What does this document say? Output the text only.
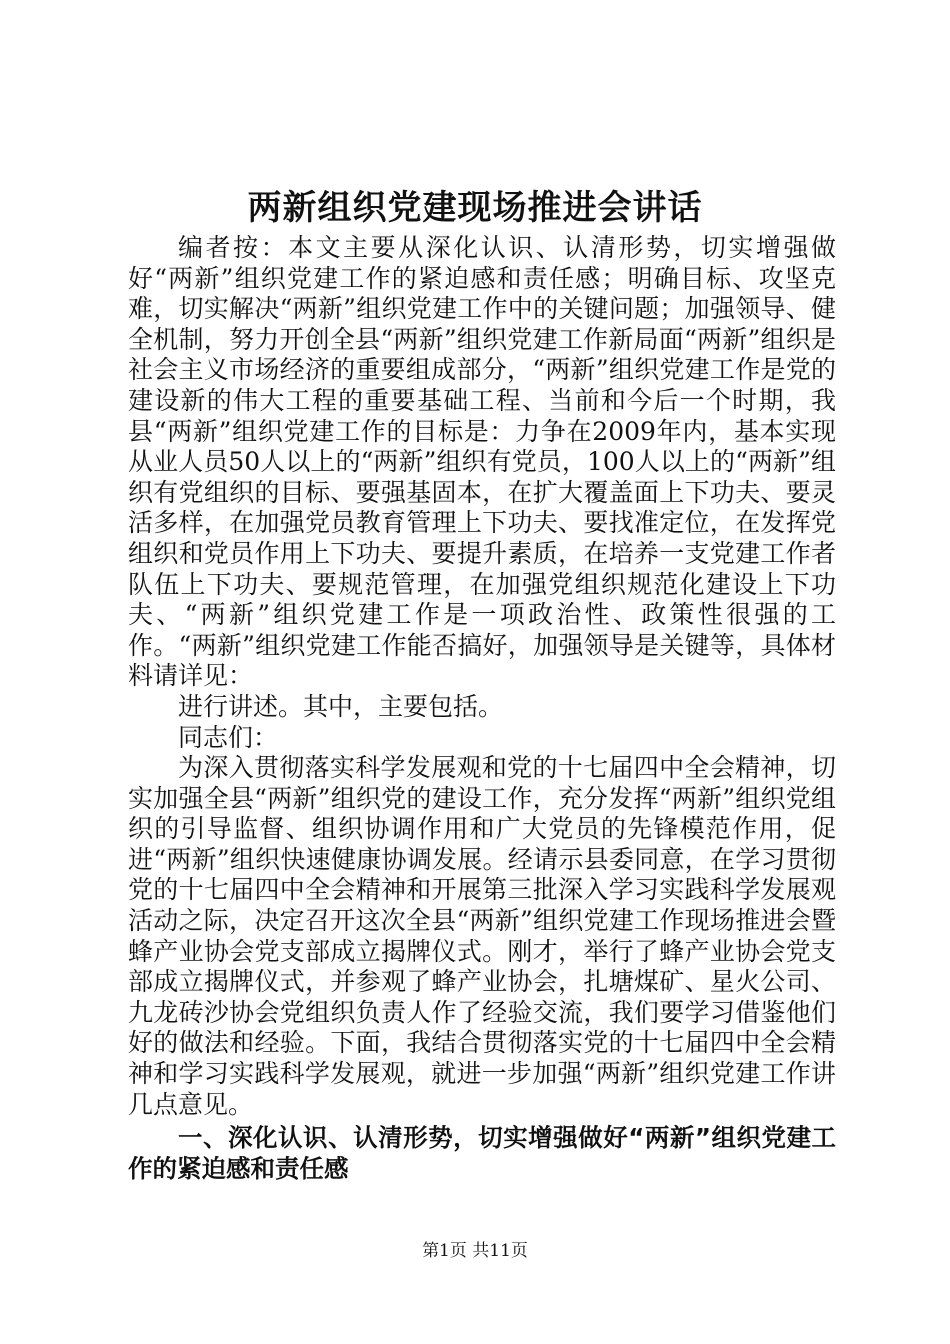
两新组织党建现场推进会讲话

编者按：本文主要从深化认识、认清形势，切实增强做好“两新”组织党建工作的紧迫感和责任感；明确目标、攻坚克难，切实解决“两新”组织党建工作中的关键问题；加强领导、健全机制，努力开创全县“两新”组织党建工作新局面“两新”组织是社会主义市场经济的重要组成部分，“两新”组织党建工作是党的建设新的伟大工程的重要基础工程、当前和今后一个时期，我县“两新”组织党建工作的目标是：力争在2009年内，基本实现从业人员50人以上的“两新”组织有党员，100人以上的“两新”组织有党组织的目标、要强基固本，在扩大覆盖面上下功夫、要灵活多样，在加强党员教育管理上下功夫、要找准定位，在发挥党组织和党员作用上下功夫、要提升素质，在培养一支党建工作者队伍上下功夫、要规范管理，在加强党组织规范化建设上下功夫、“两新”组织党建工作是一项政治性、政策性很强的工作。“两新”组织党建工作能否搞好，加强领导是关键等，具体材料请详见：

进行讲述。其中，主要包括。

同志们：

为深入贯彻落实科学发展观和党的十七届四中全会精神，切实加强全县“两新”组织党的建设工作，充分发挥“两新”组织党组织的引导监督、组织协调作用和广大党员的先锋模范作用，促进“两新”组织快速健康协调发展。经请示县委同意，在学习贯彻党的十七届四中全会精神和开展第三批深入学习实践科学发展观活动之际，决定召开这次全县“两新”组织党建工作现场推进会暨蜂产业协会党支部成立揭牌仪式。刚才，举行了蜂产业协会党支部成立揭牌仪式，并参观了蜂产业协会，扎塘煤矿、星火公司、九龙砖沙协会党组织负责人作了经验交流，我们要学习借鉴他们好的做法和经验。下面，我结合贯彻落实党的十七届四中全会精神和学习实践科学发展观，就进一步加强“两新”组织党建工作讲几点意见。

一、深化认识、认清形势，切实增强做好“两新”组织党建工作的紧迫感和责任感

第1页 共11页
